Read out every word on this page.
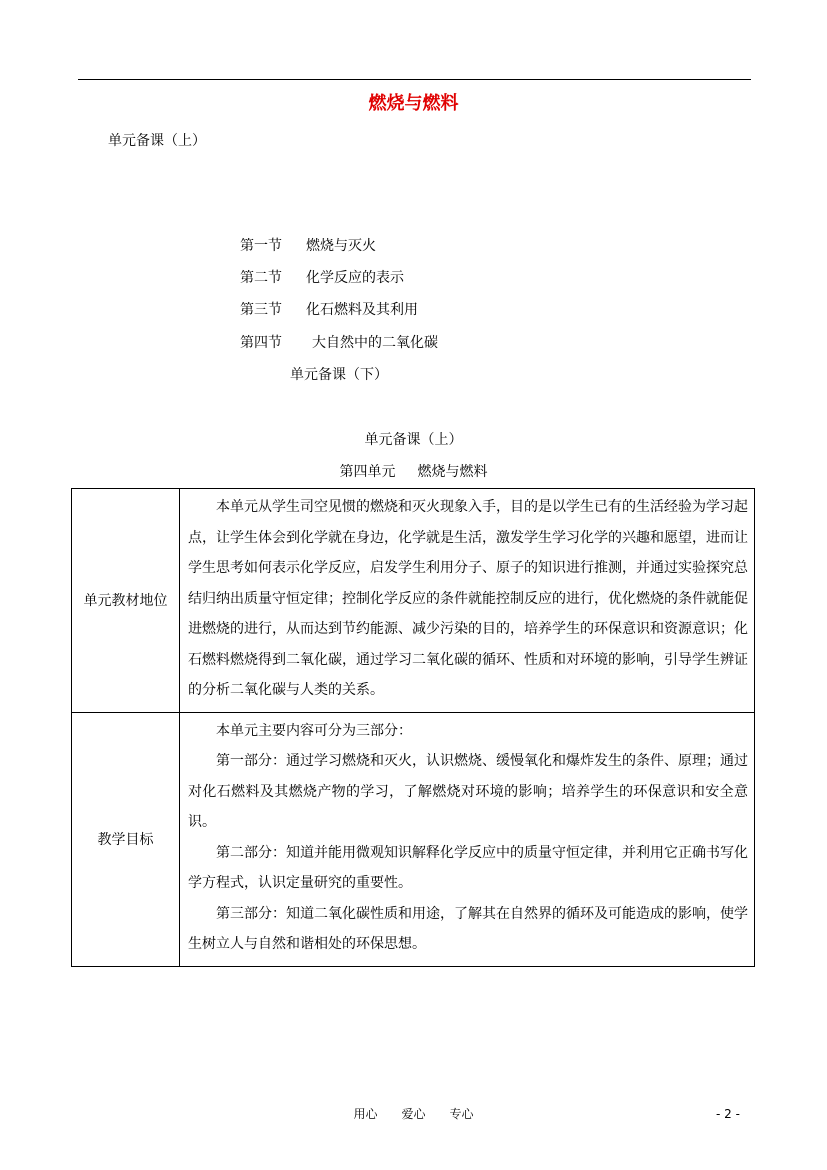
燃烧与燃料
单元备课（上）
第一节 燃烧与灭火
第二节 化学反应的表示
第三节 化石燃料及其利用
第四节 大自然中的二氧化碳
单元备课（下）
单元备课（上）
第四单元 燃烧与燃料
单元教材地位	本单元从学生司空见惯的燃烧和灭火现象入手，目的是以学生已有的生活经验为学习起点，让学生体会到化学就在身边，化学就是生活，激发学生学习化学的兴趣和愿望，进而让学生思考如何表示化学反应，启发学生利用分子、原子的知识进行推测，并通过实验探究总结归纳出质量守恒定律；控制化学反应的条件就能控制反应的进行，优化燃烧的条件就能促进燃烧的进行，从而达到节约能源、减少污染的目的，培养学生的环保意识和资源意识；化石燃料燃烧得到二氧化碳，通过学习二氧化碳的循环、性质和对环境的影响，引导学生辨证的分析二氧化碳与人类的关系。

教学目标	本单元主要内容可分为三部分：

第一部分：通过学习燃烧和灭火，认识燃烧、缓慢氧化和爆炸发生的条件、原理；通过对化石燃料及其燃烧产物的学习，了解燃烧对环境的影响；培养学生的环保意识和安全意识。

第二部分：知道并能用微观知识解释化学反应中的质量守恒定律，并利用它正确书写化学方程式，认识定量研究的重要性。

第三部分：知道二氧化碳性质和用途，了解其在自然界的循环及可能造成的影响，使学生树立人与自然和谐相处的环保思想。

用心 爱心 专心	- 2 -
